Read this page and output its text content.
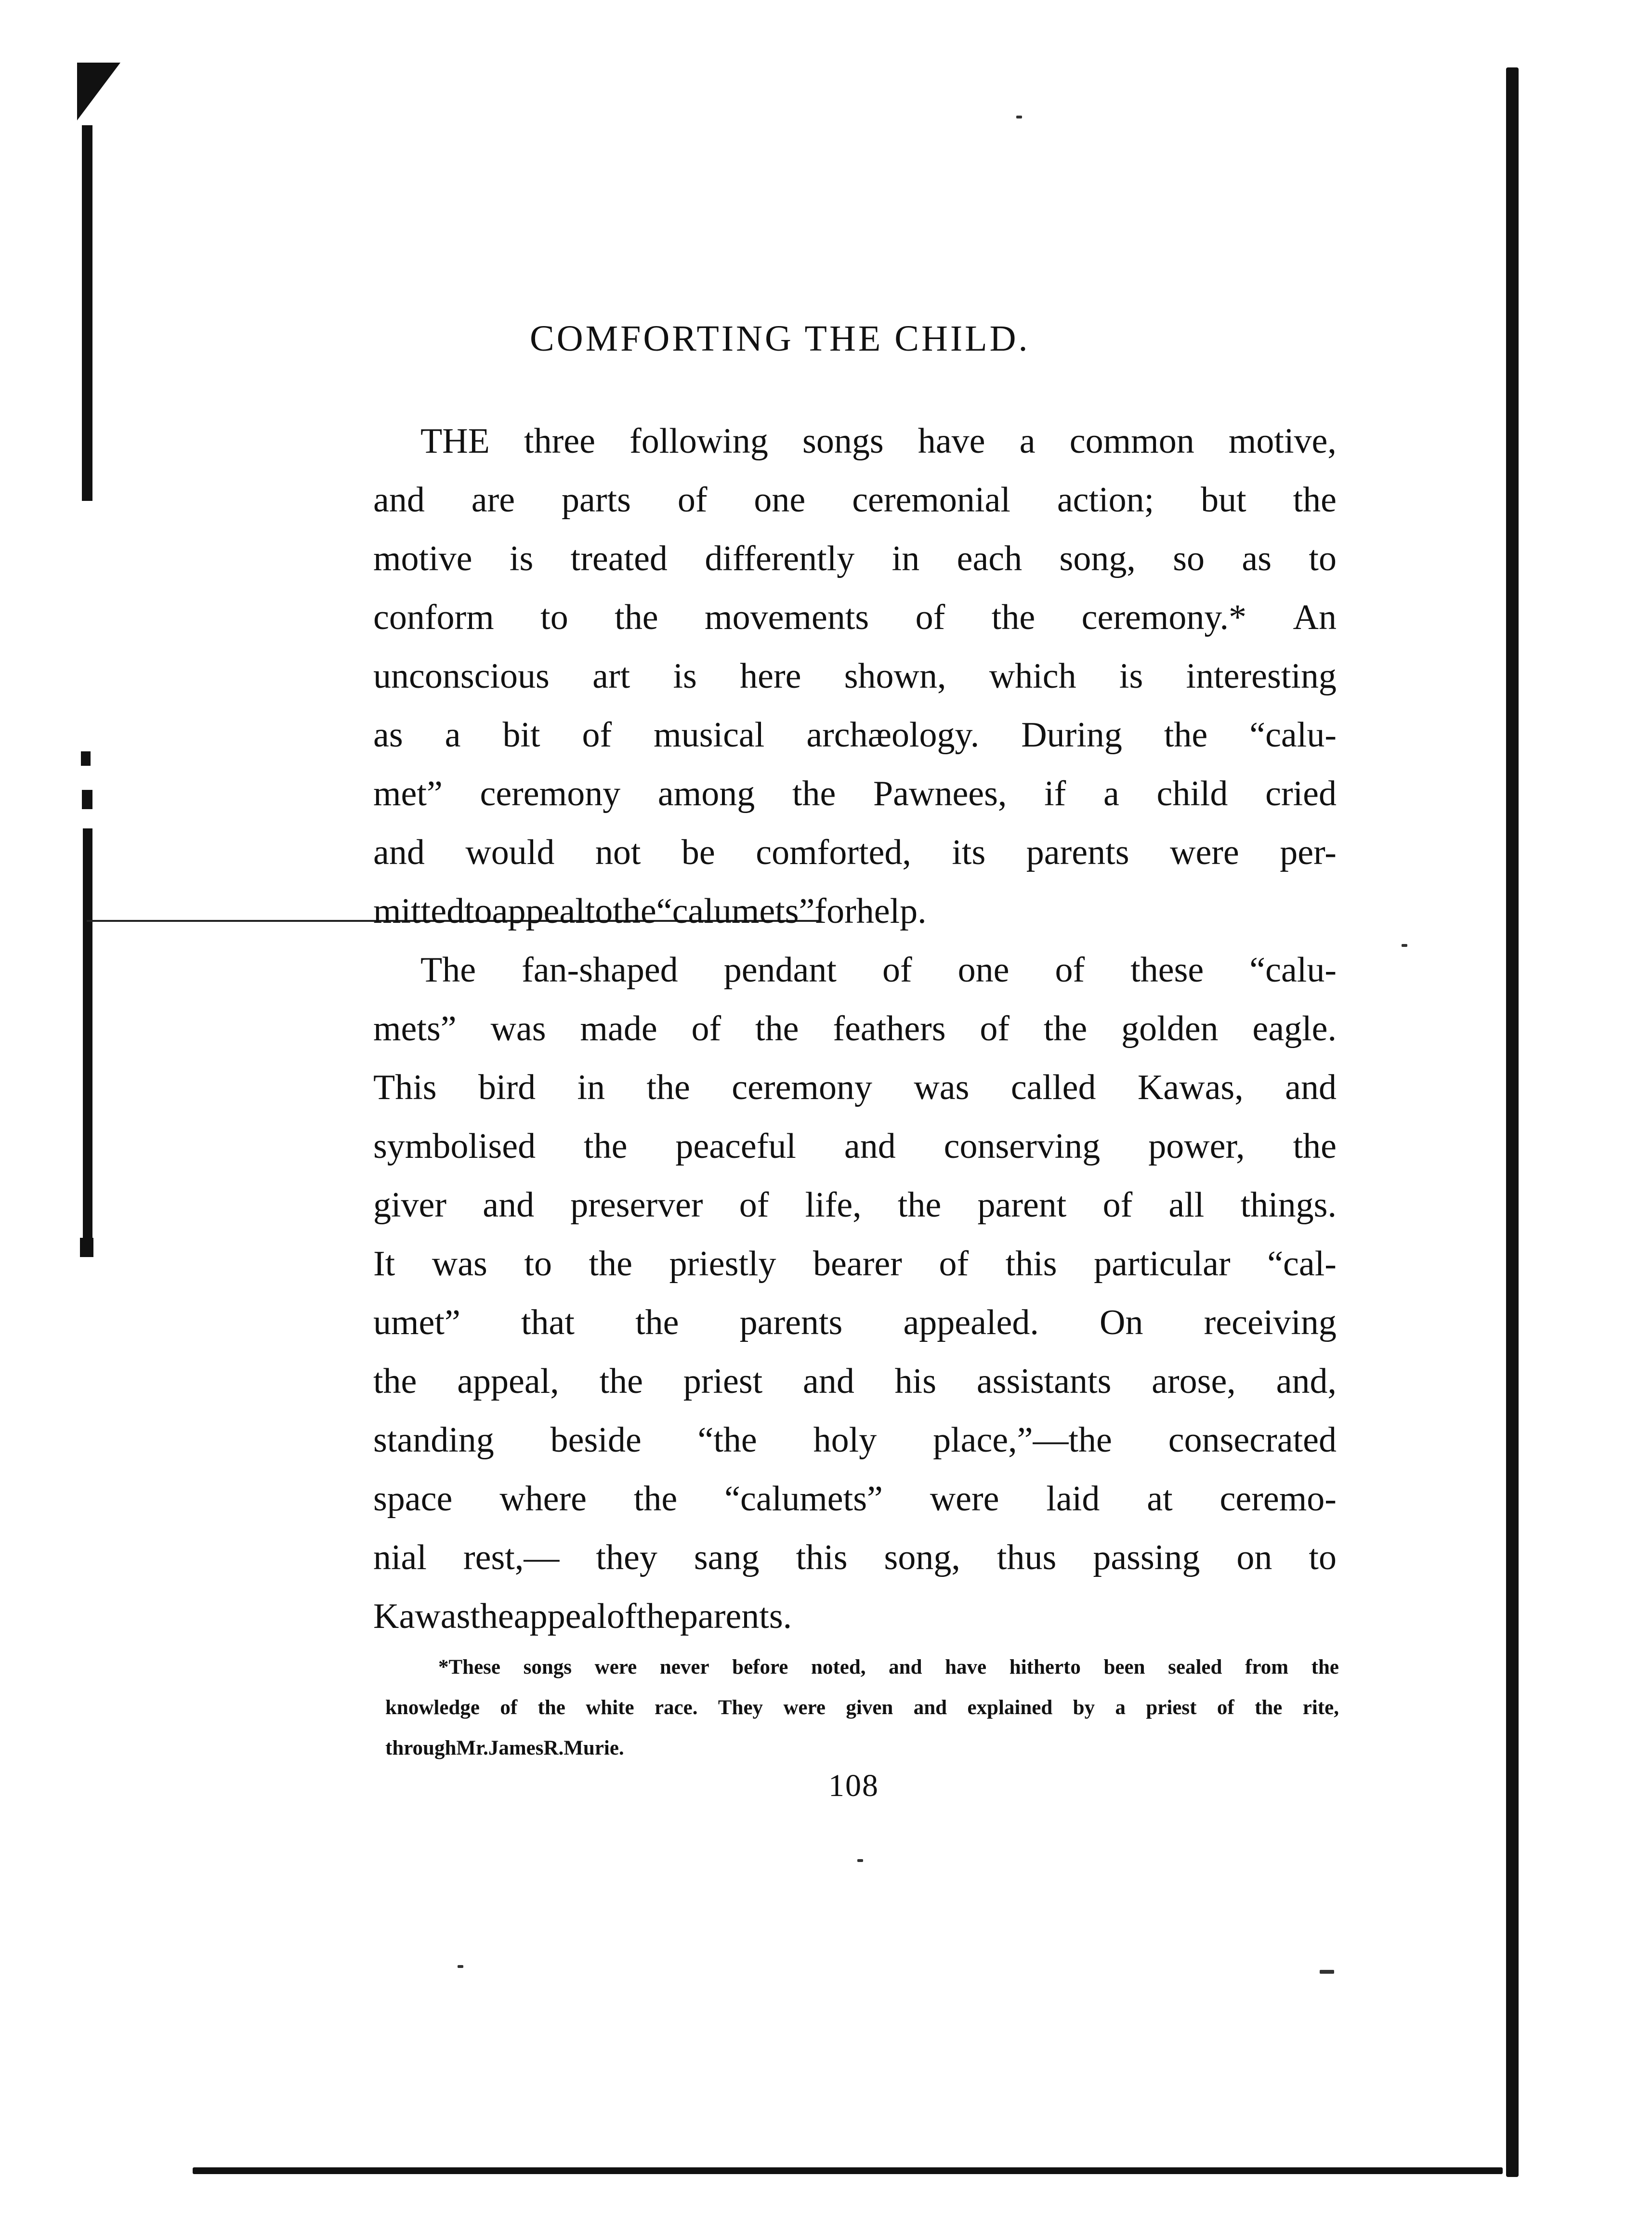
COMFORTING THE CHILD.
THE three following songs have a common motive,
and are parts of one ceremonial action; but the
motive is treated differently in each song, so as to
conform to the movements of the ceremony.* An
unconscious art is here shown, which is interesting
as a bit of musical archæology. During the “calu-
met” ceremony among the Pawnees, if a child cried
and would not be comforted, its parents were per-
mitted to appeal to the “calumets” for help.
The fan-shaped pendant of one of these “calu-
mets” was made of the feathers of the golden eagle.
This bird in the ceremony was called Kawas, and
symbolised the peaceful and conserving power, the
giver and preserver of life, the parent of all things.
It was to the priestly bearer of this particular “cal-
umet” that the parents appealed. On receiving
the appeal, the priest and his assistants arose, and,
standing beside “the holy place,”—the consecrated
space where the “calumets” were laid at ceremo-
nial rest,— they sang this song, thus passing on to
Kawas the appeal of the parents.
*These songs were never before noted, and have hitherto been sealed from the
knowledge of the white race. They were given and explained by a priest of the rite,
through Mr. James R. Murie.
108
